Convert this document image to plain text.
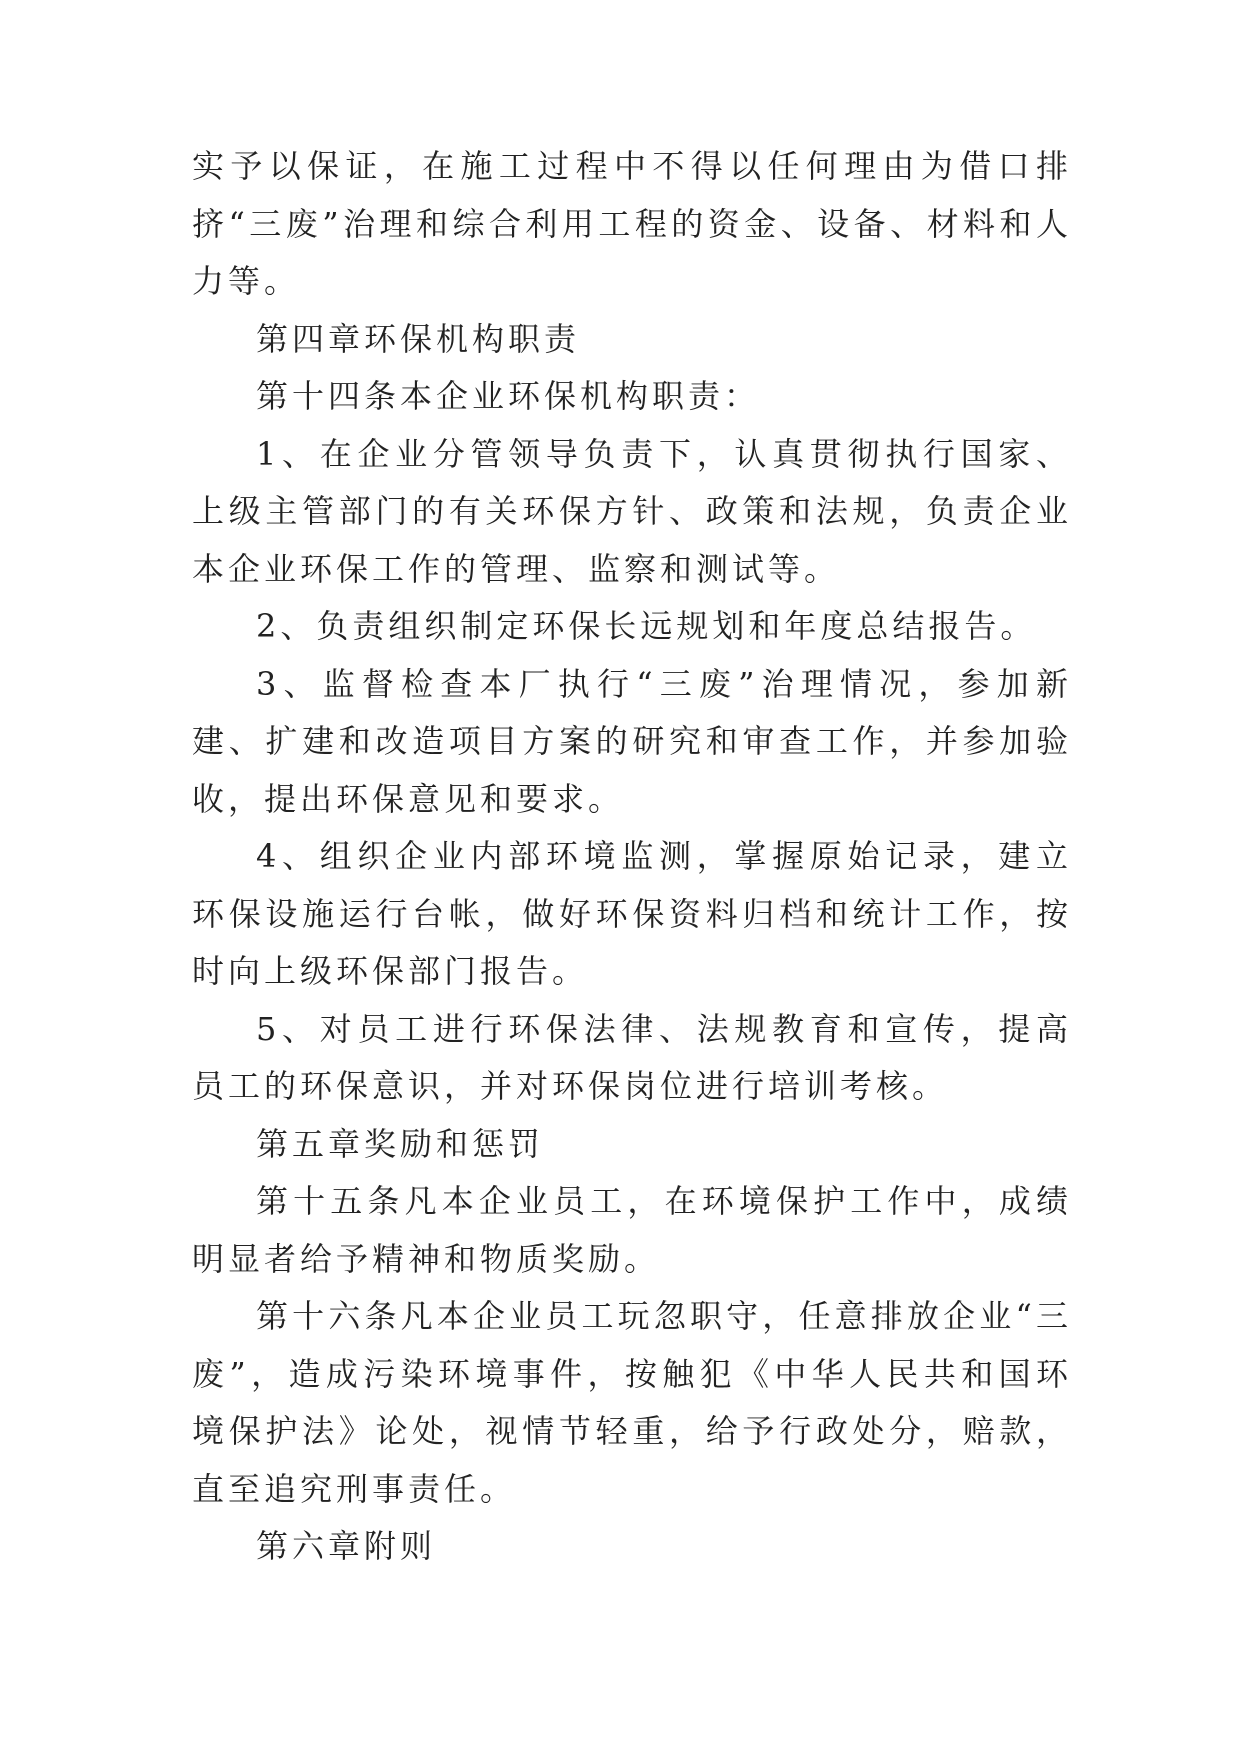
实予以保证，在施工过程中不得以任何理由为借口排挤“三废”治理和综合利用工程的资金、设备、材料和人力等。

第四章环保机构职责

第十四条本企业环保机构职责：

1、在企业分管领导负责下，认真贯彻执行国家、上级主管部门的有关环保方针、政策和法规，负责企业本企业环保工作的管理、监察和测试等。

2、负责组织制定环保长远规划和年度总结报告。

3、监督检查本厂执行“三废”治理情况，参加新建、扩建和改造项目方案的研究和审查工作，并参加验收，提出环保意见和要求。

4、组织企业内部环境监测，掌握原始记录，建立环保设施运行台帐，做好环保资料归档和统计工作，按时向上级环保部门报告。

5、对员工进行环保法律、法规教育和宣传，提高员工的环保意识，并对环保岗位进行培训考核。

第五章奖励和惩罚

第十五条凡本企业员工，在环境保护工作中，成绩明显者给予精神和物质奖励。

第十六条凡本企业员工玩忽职守，任意排放企业“三废”，造成污染环境事件，按触犯《中华人民共和国环境保护法》论处，视情节轻重，给予行政处分，赔款，直至追究刑事责任。

第六章附则
